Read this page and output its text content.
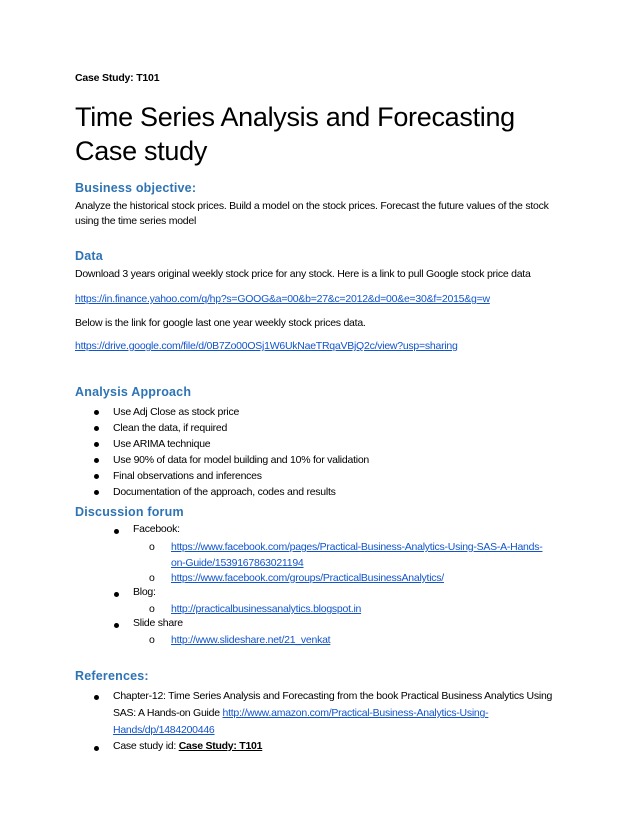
Case Study: T101
Time Series Analysis and Forecasting Case study
Business objective:

Analyze the historical stock prices. Build a model on the stock prices. Forecast the future values of the stock using the time series model

Data

Download 3 years original weekly stock price for any stock. Here is a link to pull Google stock price data

https://in.finance.yahoo.com/q/hp?s=GOOG&a=00&b=27&c=2012&d=00&e=30&f=2015&g=w

Below is the link for google last one year weekly stock prices data.

https://drive.google.com/file/d/0B7Zo00OSj1W6UkNaeTRqaVBjQ2c/view?usp=sharing

Analysis Approach
Use Adj Close as stock price
Clean the data, if required
Use ARIMA technique
Use 90% of data for model building and 10% for validation
Final observations and inferences
Documentation of the approach, codes and results
Discussion forum
Facebook:
o https://www.facebook.com/pages/Practical-Business-Analytics-Using-SAS-A-Hands-
on-Guide/1539167863021194
o https://www.facebook.com/groups/PracticalBusinessAnalytics/
Blog:
o http://practicalbusinessanalytics.blogspot.in
Slide share
o http://www.slideshare.net/21_venkat
References:
Chapter-12: Time Series Analysis and Forecasting from the book Practical Business Analytics Using SAS: A Hands-on Guide http://www.amazon.com/Practical-Business-Analytics-Using-Hands/dp/1484200446
Case study id: Case Study: T101
